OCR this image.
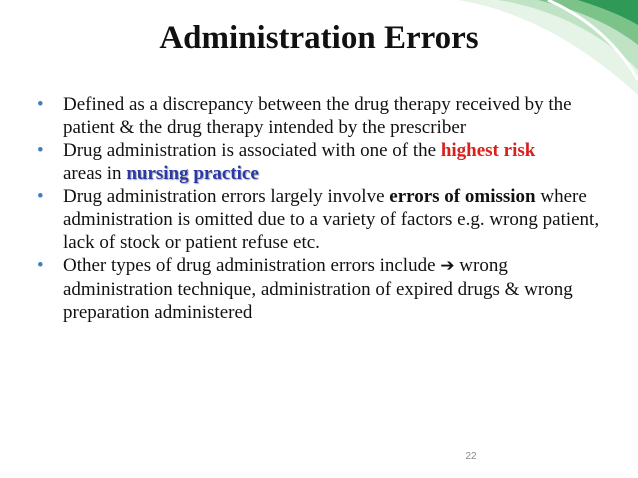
Administration Errors
• Defined as a discrepancy between the drug therapy received by the patient & the drug therapy intended by the prescriber
• Drug administration is associated with one of the highest risk
areas in nursing practice
• Drug administration errors largely involve errors of omission where administration is omitted due to a variety of factors e.g. wrong patient, lack of stock or patient refuse etc.
• Other types of drug administration errors include ➔ wrong administration technique, administration of expired drugs & wrong preparation administered
22
